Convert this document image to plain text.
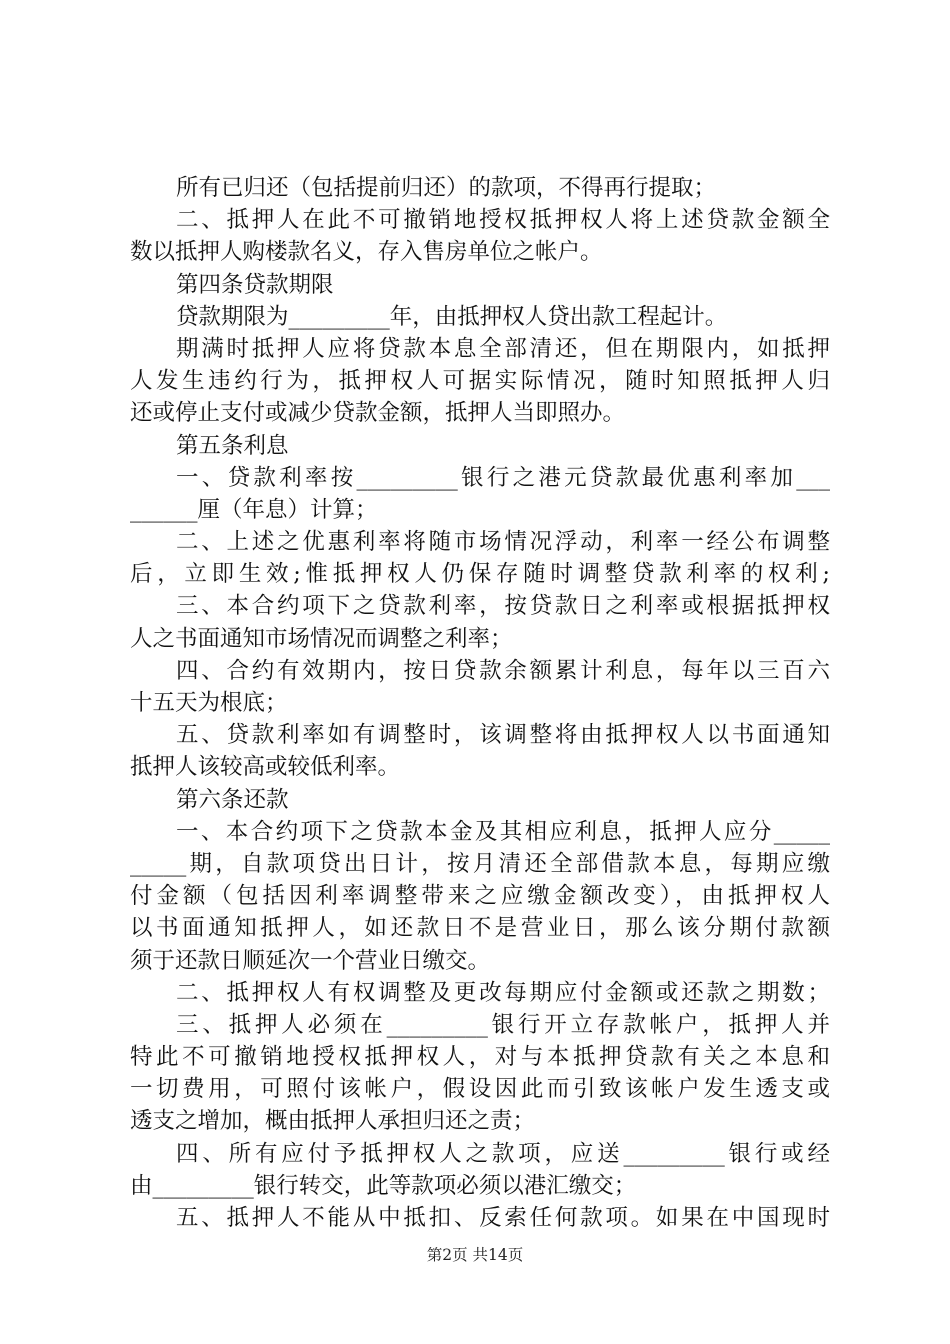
所有已归还（包括提前归还）的款项，不得再行提取；
二、抵押人在此不可撤销地授权抵押权人将上述贷款金额全
数以抵押人购楼款名义，存入售房单位之帐户。
第四条贷款期限
贷款期限为_________年，由抵押权人贷出款工程起计。
期满时抵押人应将贷款本息全部清还，但在期限内，如抵押
人发生违约行为，抵押权人可据实际情况，随时知照抵押人归
还或停止支付或减少贷款金额，抵押人当即照办。
第五条利息
一、贷款利率按_________银行之港元贷款最优惠利率加___
______厘（年息）计算；
二、上述之优惠利率将随市场情况浮动，利率一经公布调整
后，立即生效;惟抵押权人仍保存随时调整贷款利率的权利;
三、本合约项下之贷款利率，按贷款日之利率或根据抵押权
人之书面通知市场情况而调整之利率；
四、合约有效期内，按日贷款余额累计利息，每年以三百六
十五天为根底；
五、贷款利率如有调整时，该调整将由抵押权人以书面通知
抵押人该较高或较低利率。
第六条还款
一、本合约项下之贷款本金及其相应利息，抵押人应分_____
_____期，自款项贷出日计，按月清还全部借款本息，每期应缴
付金额（包括因利率调整带来之应缴金额改变），由抵押权人
以书面通知抵押人，如还款日不是营业日，那么该分期付款额
须于还款日顺延次一个营业日缴交。
二、抵押权人有权调整及更改每期应付金额或还款之期数；
三、抵押人必须在_________银行开立存款帐户，抵押人并
特此不可撤销地授权抵押权人，对与本抵押贷款有关之本息和
一切费用，可照付该帐户，假设因此而引致该帐户发生透支或
透支之增加，概由抵押人承担归还之责；
四、所有应付予抵押权人之款项，应送_________银行或经
由_________银行转交，此等款项必须以港汇缴交；
五、抵押人不能从中抵扣、反索任何款项。如果在中国现时
第2页 共14页
